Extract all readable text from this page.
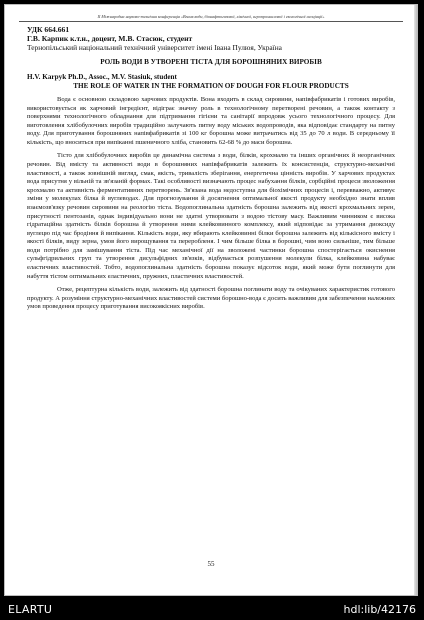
II Міжнародна науково-технічна конференція «Вплив води, біонафтогазової, хімічної, агропромислової і екологічної асоціації»

УДК 664.661

Г.В. Карпик к.т.н., доцент, М.В. Стасюк, студент

Тернопільський національний технічний університет імені Івана Пулюя, Україна

РОЛЬ ВОДИ В УТВОРЕНІ ТІСТА ДЛЯ БОРОШНЯНИХ ВИРОБІВ

H.V. Karpyk Ph.D., Assoc., M.V. Stasiuk, student

THE ROLE OF WATER IN THE FORMATION OF DOUGH FOR FLOUR PRODUCTS

Вода є основною складовою харчових продуктів. Вона входить в склад сировини, напівфабрикатів і готових виробів, використовується як харчовий інгредієнт, відіграє значну роль в технологічному перетворені речовин, а також контакту з поверхнями технологічного обладнання для підтримання гігієни та санітарії впродовж усього технологічного процесу. Для виготовлення хлібобулочних виробів традиційно залучають питну воду міських водопроводів, яка відповідає стандарту на питну воду. Для приготування борошняних напівфабрикатів зі 100 кг борошна може витрачатись від 35 до 70 л води. В середньому її кількість, що вноситься при випіканні пшеничного хліба, становить 62-68 % до маси борошна.

Тісто для хлібобулочних виробів це динамічна система з води, білків, крохмалю та інших органічних й неорганічних речовин. Від вмісту та активності води в борошняних напівфабрикатів залежить їх консистенція, структурно-механічні властивості, а також зовнішній вигляд, смак, якість, тривалість зберігання, енергетична цінність виробів. У харчових продуктах вода присутня у вільній та зв'язаній формах. Такі особливості визначають процес набухання білків, сорбційні процеси зволоження крохмалю та активність ферментативних перетворень. Зв'язана вода недоступна для біохімічних процесів і, перевважно, активує зміни у молекулах білка й вуглеводах. Для прогнозування й досягнення оптимальної якості продукту необхідно знати вплив взаємозв'язку речовин сировини на реологію тіста. Водопоглинальна здатність борошна залежить від якості крохмальних зерен, присутності пентозанів, однак індивідуально вони не здатні утворювати з водою тістову масу. Важливим чинником є висока гідратаційна здатність білків борошна й утворення ними клейковинного комплексу, який відповідає за утримання диоксиду вуглецю під час бродіння й випікання. Кількість води, яку вбирають клейковинні білки борошна залежить від кількісного вмісту і якості білків, виду зерна, умов його вирощування та переробленя. І чим більше білка в борошні, чим воно сильніше, тим більше води потрібно для замішування тіста. Під час механічної дії на зволожені частинки борошна спостерігається окиснення сульфгідрильних груп та утворення дисульфідних зв'язків, відбувається розпушення молекули білка, клейковина набуває еластичних властивостей. Тобто, водопоглинальна здатність борошна показує відсоток води, який може бути поглинути для набуття тістом оптимальних еластичних, пружних, пластичних властивостей.

Отже, рецептурна кількість води, залежить від здатності борошна поглинати воду та очікуваних характеристик готового продукту. А розуміння структурно-механічних властивостей системи борошно-вода є досить важливим для забезпечення належних умов проведення процесу приготування високоякісних виробів.

55
ELARTU	hdl:lib/42176
